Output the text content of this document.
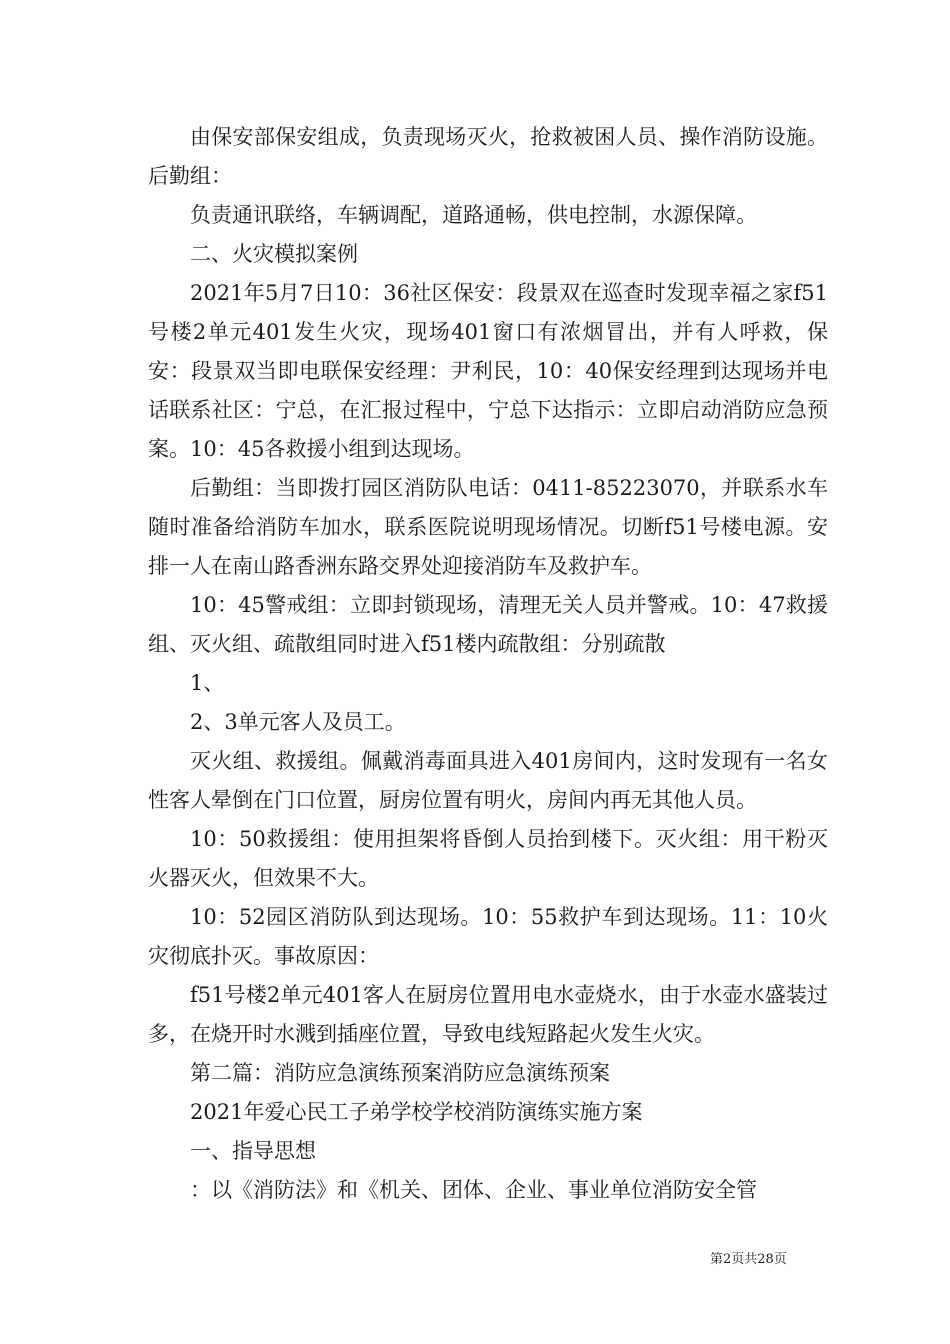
由保安部保安组成，负责现场灭火，抢救被困人员、操作消防设施。后勤组：

负责通讯联络，车辆调配，道路通畅，供电控制，水源保障。

二、火灾模拟案例

2021年5月7日10：36社区保安：段景双在巡查时发现幸福之家f51号楼2单元401发生火灾，现场401窗口有浓烟冒出，并有人呼救，保安：段景双当即电联保安经理：尹利民，10：40保安经理到达现场并电话联系社区：宁总，在汇报过程中，宁总下达指示：立即启动消防应急预案。10：45各救援小组到达现场。

后勤组：当即拨打园区消防队电话：0411-85223070，并联系水车随时准备给消防车加水，联系医院说明现场情况。切断f51号楼电源。安排一人在南山路香洲东路交界处迎接消防车及救护车。

10：45警戒组：立即封锁现场，清理无关人员并警戒。10：47救援组、灭火组、疏散组同时进入f51楼内疏散组：分别疏散

1、

2、3单元客人及员工。

灭火组、救援组。佩戴消毒面具进入401房间内，这时发现有一名女性客人晕倒在门口位置，厨房位置有明火，房间内再无其他人员。

10：50救援组：使用担架将昏倒人员抬到楼下。灭火组：用干粉灭火器灭火，但效果不大。

10：52园区消防队到达现场。10：55救护车到达现场。11：10火灾彻底扑灭。事故原因：

f51号楼2单元401客人在厨房位置用电水壶烧水，由于水壶水盛装过多，在烧开时水溅到插座位置，导致电线短路起火发生火灾。

第二篇：消防应急演练预案消防应急演练预案

2021年爱心民工子弟学校学校消防演练实施方案

一、指导思想

：以《消防法》和《机关、团体、企业、事业单位消防安全管

第2页共28页
